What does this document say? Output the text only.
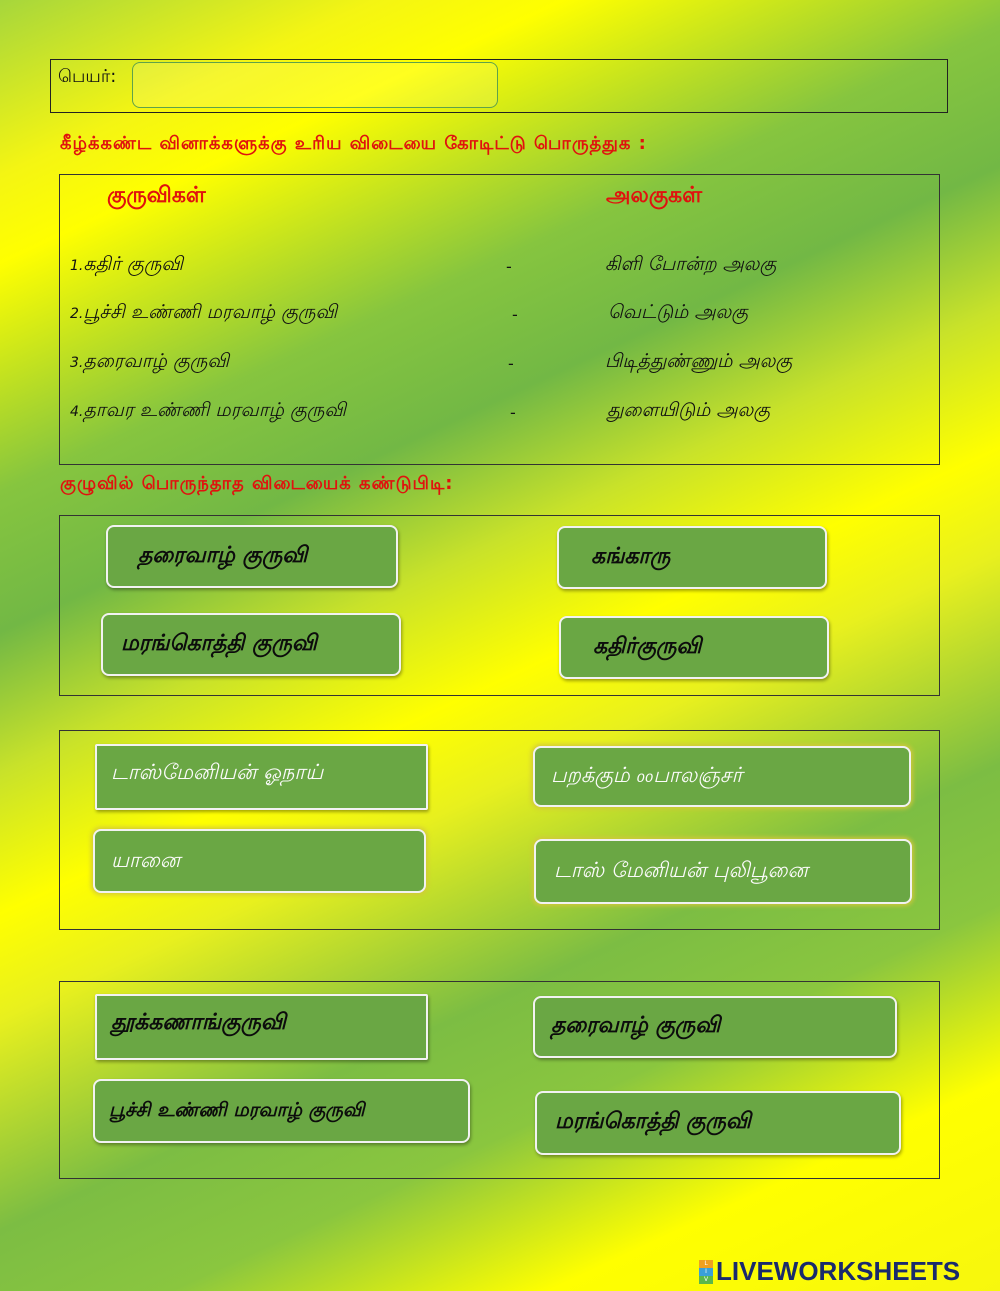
பெயர்:
கீழ்க்கண்ட வினாக்களுக்கு உரிய விடையை கோடிட்டு பொருத்துக :
குருவிகள்	அலகுகள்
1.கதிர் குருவி	-	கிளி போன்ற அலகு
2.பூச்சி உண்ணி மரவாழ் குருவி	-	வெட்டும் அலகு
3.தரைவாழ் குருவி	-	பிடித்துண்ணும் அலகு
4.தாவர உண்ணி மரவாழ் குருவி	-	துளையிடும் அலகு
குழுவில் பொருந்தாத விடையைக் கண்டுபிடி:
தரைவாழ் குருவி	கங்காரு
மரங்கொத்தி குருவி	கதிர்குருவி
டாஸ்மேனியன் ஓநாய்	பறக்கும் ₀₀பாலஞ்சர்
யானை	டாஸ் மேனியன் புலிபூனை
தூக்கணாங்குருவி	தரைவாழ் குருவி
பூச்சி உண்ணி மரவாழ் குருவி	மரங்கொத்தி குருவி
L
I
V LIVEWORKSHEETS
